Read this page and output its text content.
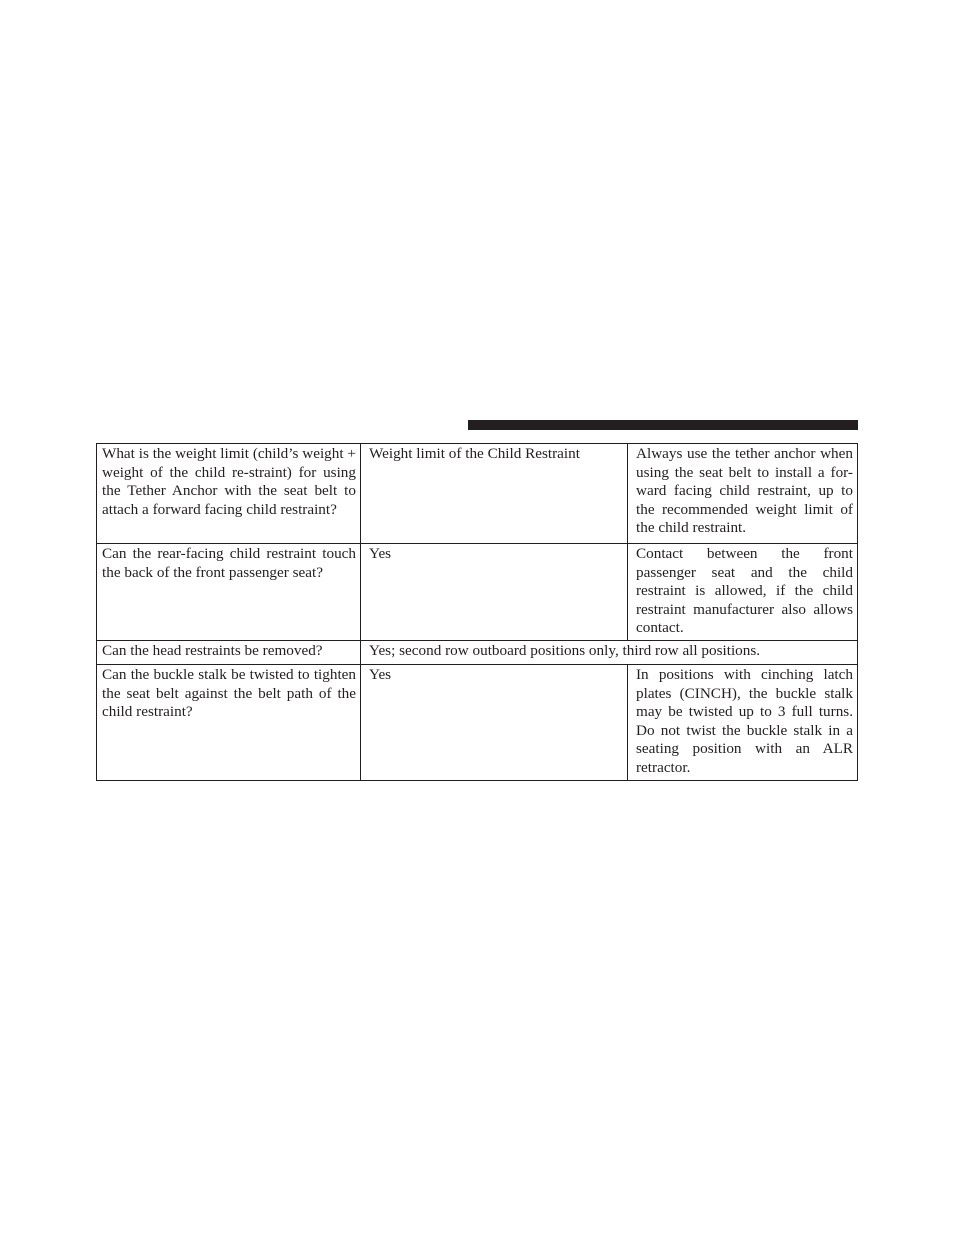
What is the weight limit (child’s weight + weight of the child re-straint) for using the Tether Anchor with the seat belt to attach a forward facing child restraint?	Weight limit of the Child Restraint	Always use the tether anchor when using the seat belt to install a for-ward facing child restraint, up to the recommended weight limit of the child restraint.
Can the rear-facing child restraint touch the back of the front passenger seat?	Yes	Contact between the front passenger seat and the child restraint is allowed, if the child restraint manufacturer also allows contact.
Can the head restraints be removed?	Yes; second row outboard positions only, third row all positions.	
Can the buckle stalk be twisted to tighten the seat belt against the belt path of the child restraint?	Yes	In positions with cinching latch plates (CINCH), the buckle stalk may be twisted up to 3 full turns. Do not twist the buckle stalk in a seating position with an ALR retractor.
